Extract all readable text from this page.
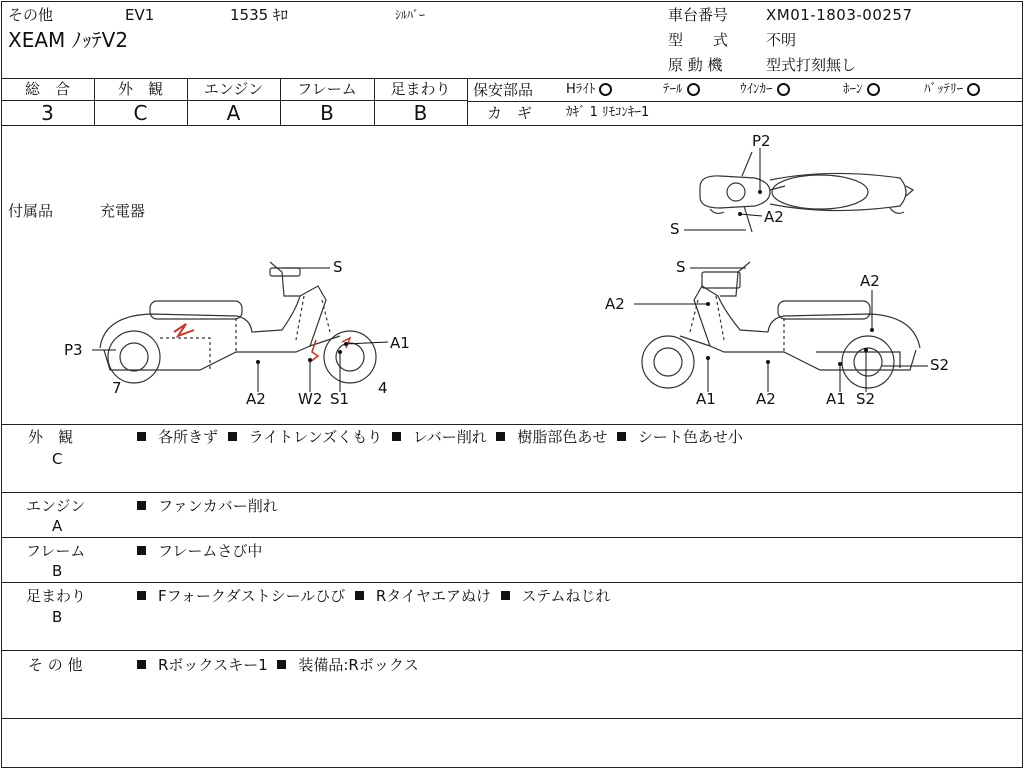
その他	EV1	1535 ｷﾛ	ｼﾙﾊﾞｰ
XEAM ﾉｯﾃV2
車台番号	XM01-1803-00257
型　　式	不明
原 動 機	型式打刻無し
総　合
3
外　観
C
エンジン
A
フレーム
B
足まわり
B
保安部品	Hﾗｲﾄ	ﾃｰﾙ	ｳｲﾝｶｰ	ﾎｰﾝ	ﾊﾞｯﾃﾘｰ
カ　ギ	ｶｷﾞ 1 ﾘﾓｺﾝｷｰ1
付属品	充電器
P2
A2
S
S
P3	A1
7
A2 W2 S1
4
S
A2
A2
S2
A1	A2	A1 S2
外　観
C
各所きず ライトレンズくもり レバー削れ 樹脂部色あせ シート色あせ小
エンジン
A
ファンカバー削れ
フレーム
B
フレームさび中
足まわり
B
Fフォークダストシールひび Rタイヤエアぬけ ステムねじれ
そ の 他	Rボックスキー1 装備品:Rボックス
